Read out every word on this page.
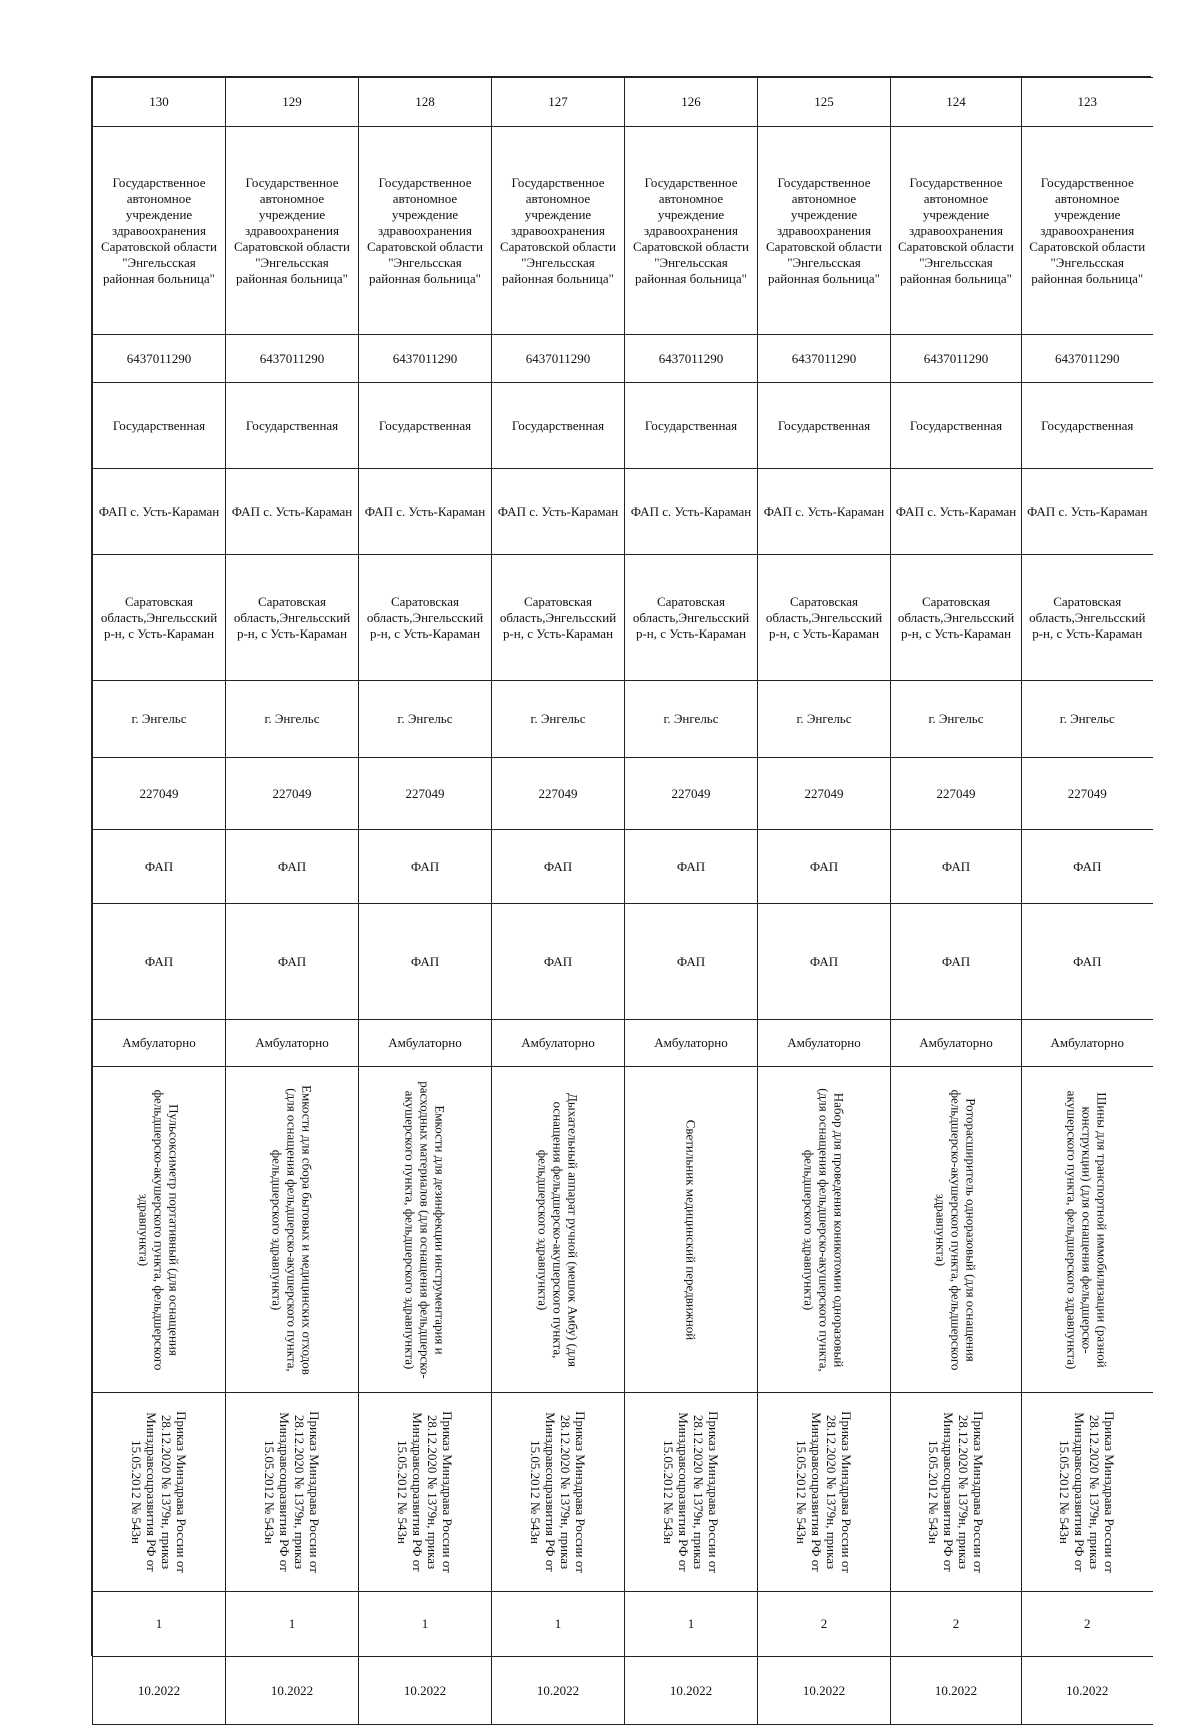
130	129	128	127	126	125	124	123

Государственное автономное учреждение здравоохранения Саратовской области "Энгельсская районная больница"	Государственное автономное учреждение здравоохранения Саратовской области "Энгельсская районная больница"	Государственное автономное учреждение здравоохранения Саратовской области "Энгельсская районная больница"	Государственное автономное учреждение здравоохранения Саратовской области "Энгельсская районная больница"	Государственное автономное учреждение здравоохранения Саратовской области "Энгельсская районная больница"	Государственное автономное учреждение здравоохранения Саратовской области "Энгельсская районная больница"	Государственное автономное учреждение здравоохранения Саратовской области "Энгельсская районная больница"	Государственное автономное учреждение здравоохранения Саратовской области "Энгельсская районная больница"

6437011290	6437011290	6437011290	6437011290	6437011290	6437011290	6437011290	6437011290

Государственная	Государственная	Государственная	Государственная	Государственная	Государственная	Государственная	Государственная

ФАП с. Усть-Караман	ФАП с. Усть-Караман	ФАП с. Усть-Караман	ФАП с. Усть-Караман	ФАП с. Усть-Караман	ФАП с. Усть-Караман	ФАП с. Усть-Караман	ФАП с. Усть-Караман

Саратовская область,Энгельсский р-н, с Усть-Караман	Саратовская область,Энгельсский р-н, с Усть-Караман	Саратовская область,Энгельсский р-н, с Усть-Караман	Саратовская область,Энгельсский р-н, с Усть-Караман	Саратовская область,Энгельсский р-н, с Усть-Караман	Саратовская область,Энгельсский р-н, с Усть-Караман	Саратовская область,Энгельсский р-н, с Усть-Караман	Саратовская область,Энгельсский р-н, с Усть-Караман

г. Энгельс	г. Энгельс	г. Энгельс	г. Энгельс	г. Энгельс	г. Энгельс	г. Энгельс	г. Энгельс

227049	227049	227049	227049	227049	227049	227049	227049

ФАП	ФАП	ФАП	ФАП	ФАП	ФАП	ФАП	ФАП

ФАП	ФАП	ФАП	ФАП	ФАП	ФАП	ФАП	ФАП

Амбулаторно	Амбулаторно	Амбулаторно	Амбулаторно	Амбулаторно	Амбулаторно	Амбулаторно	Амбулаторно

Пульсоксиметр портативный (для оснащения фельдшерско-акушерского пункта, фельдшерского здравпункта)	Емкости для сбора бытовых и медицинских отходов (для оснащения фельдшерско-акушерского пункта, фельдшерского здравпункта)	Емкости для дезинфекции инструментария и расходных материалов (для оснащения фельдшерско-акушерского пункта, фельдшерского здравпункта)	Дыхательный аппарат ручной (мешок Амбу) (для оснащения фельдшерско-акушерского пункта, фельдшерского здравпункта)	Светильник медицинский передвижной	Набор для проведения коникотомии одноразовый (для оснащения фельдшерско-акушерского пункта, фельдшерского здравпункта)	Роторасширитель одноразовый (для оснащения фельдшерско-акушерского пункта, фельдшерского здравпункта)	Шины для транспортной иммобилизации (разной конструкции) (для оснащения фельдшерско-акушерского пункта, фельдшерского здравпункта)

Приказ Минздрава России от 28.12.2020 № 1379н, приказ Минздравсоцразвития РФ от 15.05.2012 № 543н	Приказ Минздрава России от 28.12.2020 № 1379н, приказ Минздравсоцразвития РФ от 15.05.2012 № 543н	Приказ Минздрава России от 28.12.2020 № 1379н, приказ Минздравсоцразвития РФ от 15.05.2012 № 543н	Приказ Минздрава России от 28.12.2020 № 1379н, приказ Минздравсоцразвития РФ от 15.05.2012 № 543н	Приказ Минздрава России от 28.12.2020 № 1379н, приказ Минздравсоцразвития РФ от 15.05.2012 № 543н	Приказ Минздрава России от 28.12.2020 № 1379н, приказ Минздравсоцразвития РФ от 15.05.2012 № 543н	Приказ Минздрава России от 28.12.2020 № 1379н, приказ Минздравсоцразвития РФ от 15.05.2012 № 543н	Приказ Минздрава России от 28.12.2020 № 1379н, приказ Минздравсоцразвития РФ от 15.05.2012 № 543н

1	1	1	1	1	2	2	2

10.2022	10.2022	10.2022	10.2022	10.2022	10.2022	10.2022	10.2022
